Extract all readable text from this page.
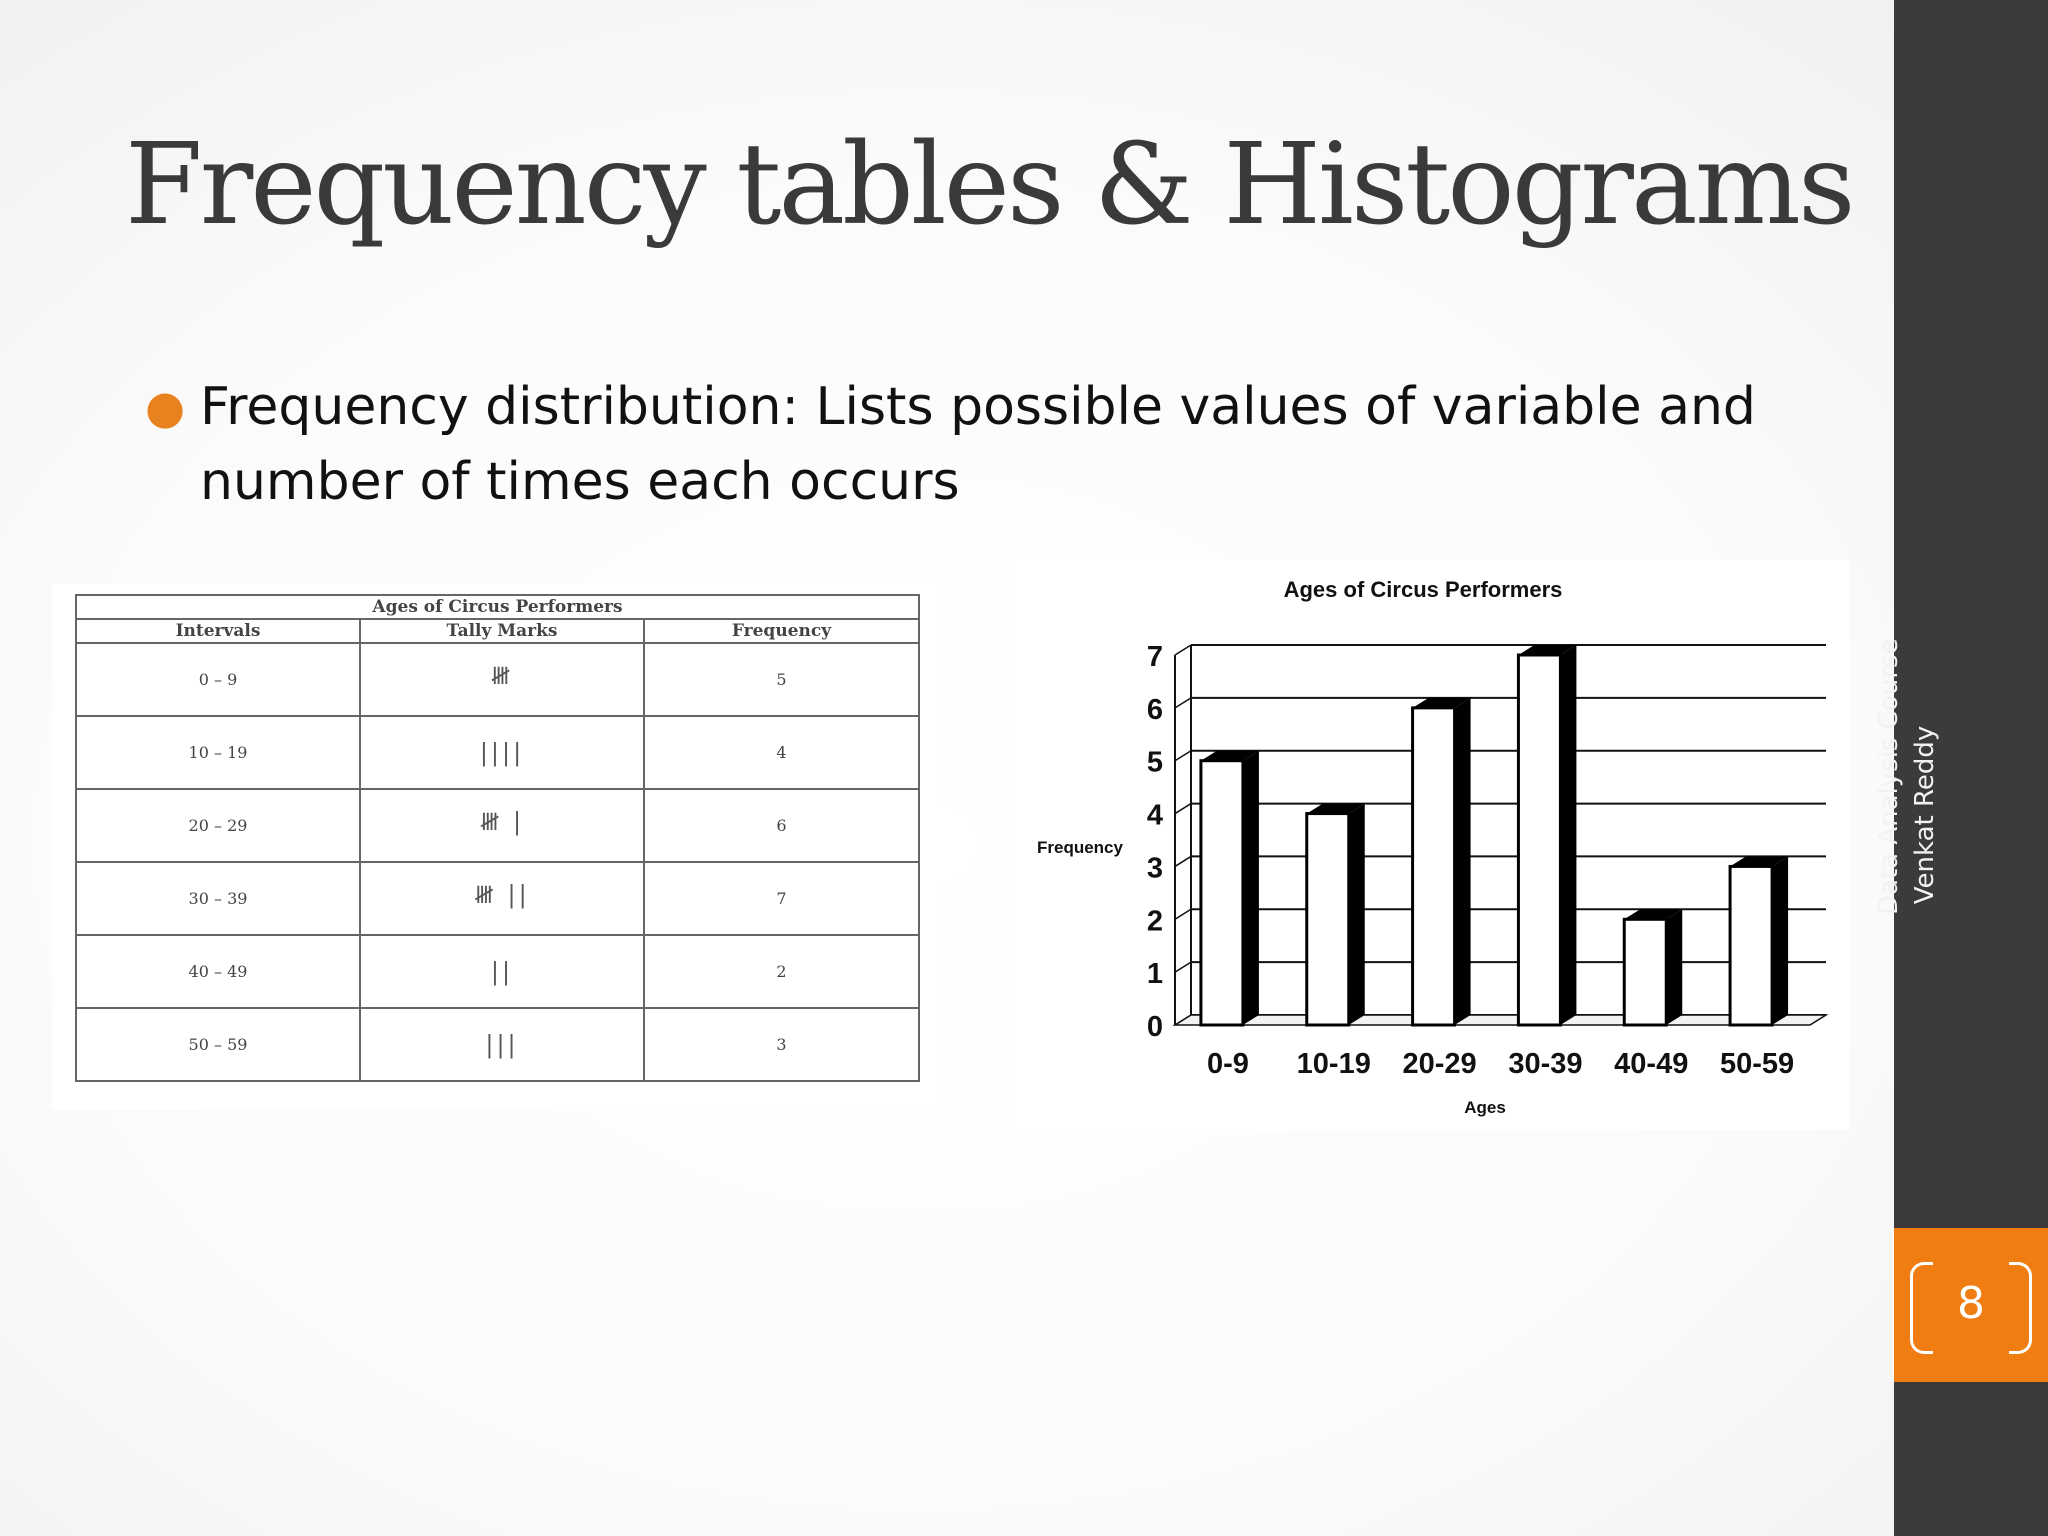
Frequency tables & Histograms
● Frequency distribution: Lists possible values of variable and number of times each occurs
Ages of Circus Performers		
Intervals	Tally Marks	Frequency
0 – 9	𝍸	5
10 – 19	||||	4
20 – 29	𝍸 |	6
30 – 39	𝍸 ||	7
40 – 49	||	2
50 – 59	|||	3
Ages of Circus Performers
Frequency
Ages
0
1
2
3
4
5
6
7
0-9 10-19 20-29 30-39 40-49 50-59
Data Analysis Course Venkat Reddy
8
